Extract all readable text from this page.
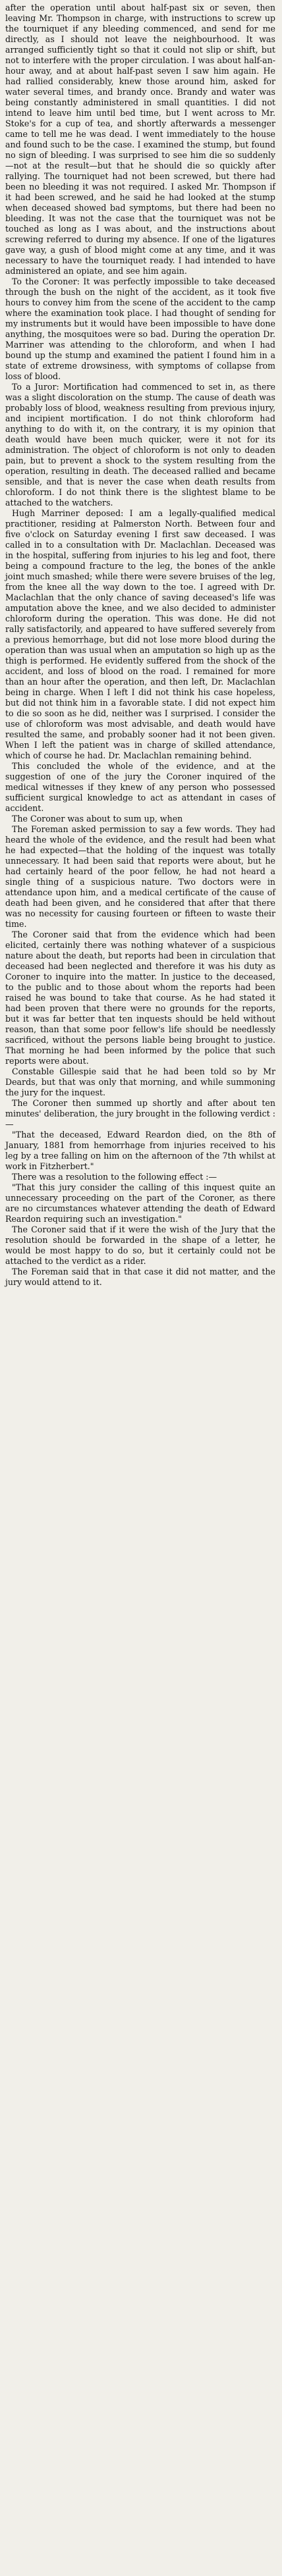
after the operation until about half-past six or seven, then leaving Mr. Thompson in charge, with instructions to screw up the tourniquet if any bleeding commenced, and send for me directly, as I should not leave the neighbourhood. It was arranged sufficiently tight so that it could not slip or shift, but not to interfere with the proper circulation. I was about half-an-hour away, and at about half-past seven I saw him again. He had rallied considerably, knew those around him, asked for water several times, and brandy once. Brandy and water was being constantly administered in small quantities. I did not intend to leave him until bed time, but I went across to Mr. Stoke's for a cup of tea, and shortly afterwards a messenger came to tell me he was dead. I went immediately to the house and found such to be the case. I examined the stump, but found no sign of bleeding. I was surprised to see him die so suddenly —not at the result—but that he should die so quickly after rallying. The tourniquet had not been screwed, but there had been no bleeding it was not required. I asked Mr. Thompson if it had been screwed, and he said he had looked at the stump when deceased showed bad symptoms, but there had been no bleeding. It was not the case that the tourniquet was not be touched as long as I was about, and the instructions about screwing referred to during my absence. If one of the ligatures gave way, a gush of blood might come at any time, and it was necessary to have the tourniquet ready. I had intended to have administered an opiate, and see him again.

To the Coroner: It was perfectly impossible to take deceased through the bush on the night of the accident, as it took five hours to convey him from the scene of the accident to the camp where the examination took place. I had thought of sending for my instruments but it would have been impossible to have done anything, the mosquitoes were so bad. During the operation Dr. Marriner was attending to the chloroform, and when I had bound up the stump and examined the patient I found him in a state of extreme drowsiness, with symptoms of collapse from loss of blood.

To a Juror: Mortification had commenced to set in, as there was a slight discoloration on the stump. The cause of death was probably loss of blood, weakness resulting from previous injury, and incipient mortification. I do not think chloroform had anything to do with it, on the contrary, it is my opinion that death would have been much quicker, were it not for its administration. The object of chloroform is not only to deaden pain, but to prevent a shock to the system resulting from the operation, resulting in death. The deceased rallied and became sensible, and that is never the case when death results from chloroform. I do not think there is the slightest blame to be attached to the watchers.

Hugh Marriner deposed: I am a legally-qualified medical practitioner, residing at Palmerston North. Between four and five o'clock on Saturday evening I first saw deceased. I was called in to a consultation with Dr. Maclachlan. Deceased was in the hospital, suffering from injuries to his leg and foot, there being a compound fracture to the leg, the bones of the ankle joint much smashed; while there were severe bruises of the leg, from the knee all the way down to the toe. I agreed with Dr. Maclachlan that the only chance of saving deceased's life was amputation above the knee, and we also decided to administer chloroform during the operation. This was done. He did not rally satisfactorily, and appeared to have suffered severely from a previous hemorrhage, but did not lose more blood during the operation than was usual when an amputation so high up as the thigh is performed. He evidently suffered from the shock of the accident, and loss of blood on the road. I remained for more than an hour after the operation, and then left, Dr. Maclachlan being in charge. When I left I did not think his case hopeless, but did not think him in a favorable state. I did not expect him to die so soon as he did, neither was I surprised. I consider the use of chloroform was most advisable, and death would have resulted the same, and probably sooner had it not been given. When I left the patient was in charge of skilled attendance, which of course he had. Dr. Maclachlan remaining behind.

This concluded the whole of the evidence, and at the suggestion of one of the jury the Coroner inquired of the medical witnesses if they knew of any person who possessed sufficient surgical knowledge to act as attendant in cases of accident.

The Coroner was about to sum up, when

The Foreman asked permission to say a few words. They had heard the whole of the evidence, and the result had been what he had expected—that the holding of the inquest was totally unnecessary. It had been said that reports were about, but he had certainly heard of the poor fellow, he had not heard a single thing of a suspicious nature. Two doctors were in attendance upon him, and a medical certificate of the cause of death had been given, and he considered that after that there was no necessity for causing fourteen or fifteen to waste their time.

The Coroner said that from the evidence which had been elicited, certainly there was nothing whatever of a suspicious nature about the death, but reports had been in circulation that deceased had been neglected and therefore it was his duty as Coroner to inquire into the matter. In justice to the deceased, to the public and to those about whom the reports had been raised he was bound to take that course. As he had stated it had been proven that there were no grounds for the reports, but it was far better that ten inquests should be held without reason, than that some poor fellow's life should be needlessly sacrificed, without the persons liable being brought to justice. That morning he had been informed by the police that such reports were about.

Constable Gillespie said that he had been told so by Mr Deards, but that was only that morning, and while summoning the jury for the inquest.

The Coroner then summed up shortly and after about ten minutes' deliberation, the jury brought in the following verdict :—

"That the deceased, Edward Reardon died, on the 8th of January, 1881 from hemorrhage from injuries received to his leg by a tree falling on him on the afternoon of the 7th whilst at work in Fitzherbert."

There was a resolution to the following effect :—

"That this jury consider the calling of this inquest quite an unnecessary proceeding on the part of the Coroner, as there are no circumstances whatever attending the death of Edward Reardon requiring such an investigation."

The Coroner said that if it were the wish of the Jury that the resolution should be forwarded in the shape of a letter, he would be most happy to do so, but it certainly could not be attached to the verdict as a rider.

The Foreman said that in that case it did not matter, and the jury would attend to it.
